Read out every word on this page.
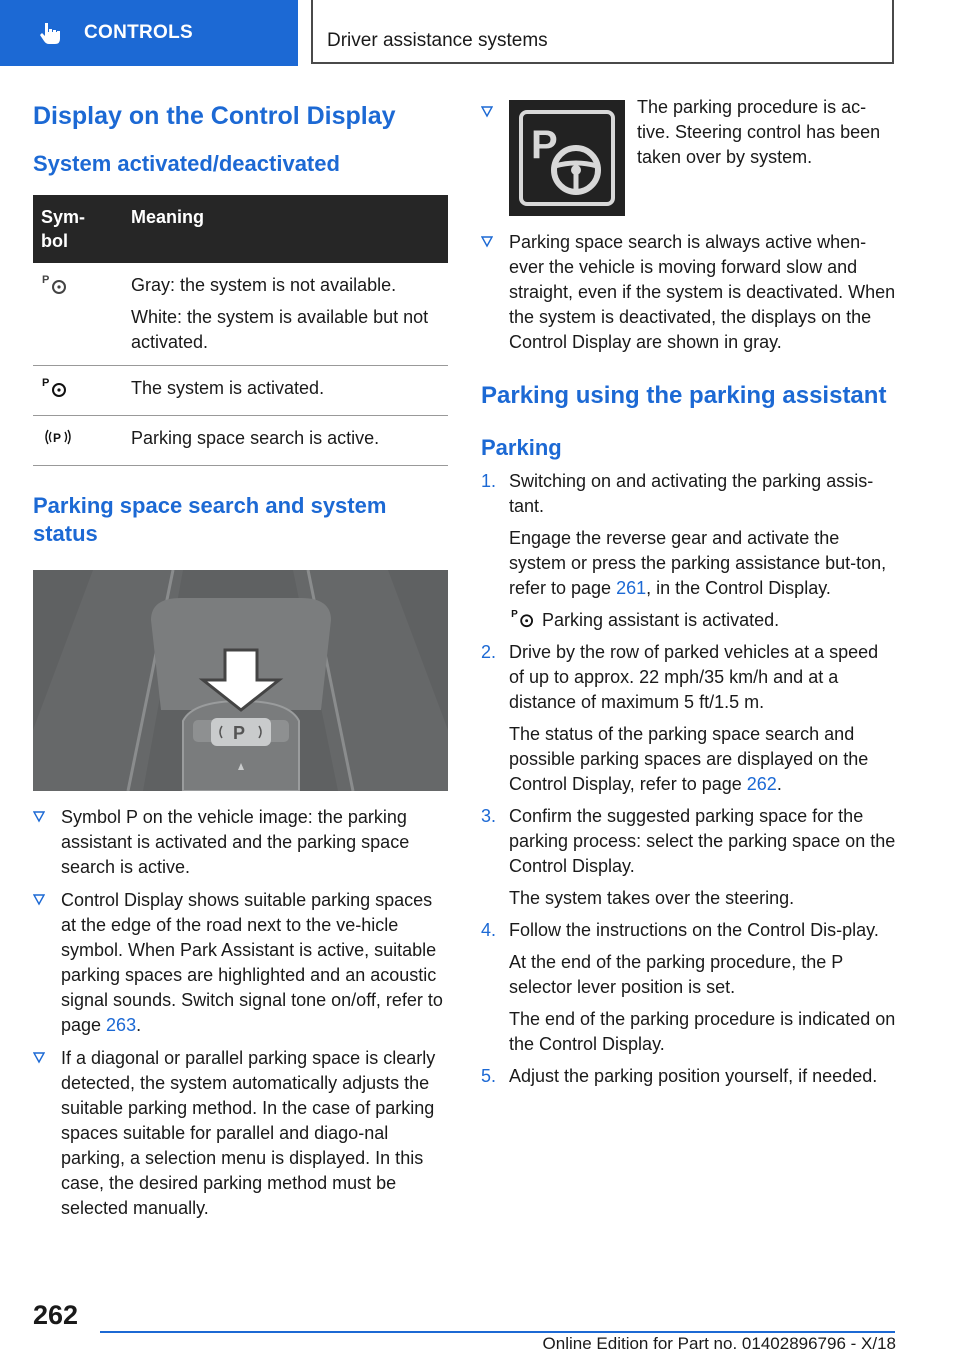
CONTROLS	Driver assistance systems
Display on the Control Display
System activated/deactivated
Sym-
bol	Meaning

P	Gray: the system is not available.

White: the system is available but not activated.

P	The system is activated.

P	Parking space search is active.
Parking space search and system status
P
Symbol P on the vehicle image: the parking assistant is activated and the parking space search is active.
Control Display shows suitable parking spaces at the edge of the road next to the ve-hicle symbol. When Park Assistant is active, suitable parking spaces are highlighted and an acoustic signal sounds. Switch signal tone on/off, refer to page 263.
If a diagonal or parallel parking space is clearly detected, the system automatically adjusts the suitable parking method. In the case of parking spaces suitable for parallel and diago-nal parking, a selection menu is displayed. In this case, the desired parking method must be selected manually.
P
The parking procedure is ac-tive. Steering control has been taken over by system.
Parking space search is always active when-ever the vehicle is moving forward slow and straight, even if the system is deactivated. When the system is deactivated, the displays on the Control Display are shown in gray.
Parking using the parking assistant
Parking
1. Switching on and activating the parking assis-tant.

Engage the reverse gear and activate the system or press the parking assistance but-ton, refer to page 261, in the Control Display.

P Parking assistant is activated.

2. Drive by the row of parked vehicles at a speed of up to approx. 22 mph/35 km/h and at a distance of maximum 5 ft/1.5 m.

The status of the parking space search and possible parking spaces are displayed on the Control Display, refer to page 262.

3. Confirm the suggested parking space for the parking process: select the parking space on the Control Display.

The system takes over the steering.

4. Follow the instructions on the Control Dis-play.

At the end of the parking procedure, the P selector lever position is set.

The end of the parking procedure is indicated on the Control Display.

5. Adjust the parking position yourself, if needed.

262
Online Edition for Part no. 01402896796 - X/18
